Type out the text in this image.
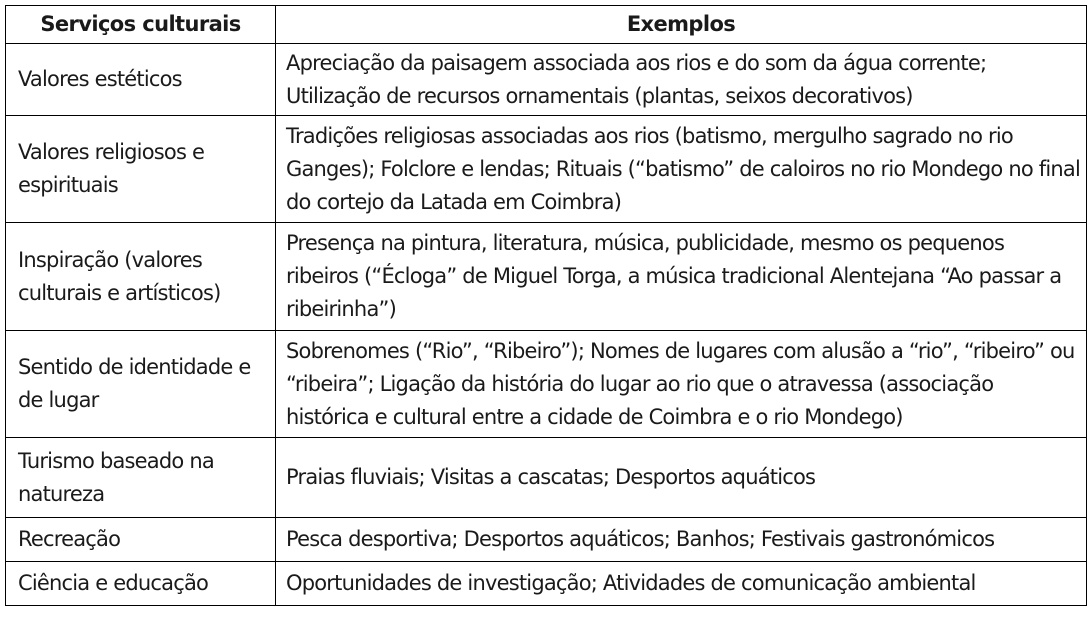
Serviços culturais	Exemplos
Valores estéticos	Apreciação da paisagem associada aos rios e do som da água corrente; Utilização de recursos ornamentais (plantas, seixos decorativos)
Valores religiosos e espirituais	Tradições religiosas associadas aos rios (batismo, mergulho sagrado no rio Ganges); Folclore e lendas; Rituais (“batismo” de caloiros no rio Mondego no final do cortejo da Latada em Coimbra)
Inspiração (valores culturais e artísticos)	Presença na pintura, literatura, música, publicidade, mesmo os pequenos ribeiros (“Écloga” de Miguel Torga, a música tradicional Alentejana “Ao passar a ribeirinha”)
Sentido de identidade e de lugar	Sobrenomes (“Rio”, “Ribeiro”); Nomes de lugares com alusão a “rio”, “ribeiro” ou “ribeira”; Ligação da história do lugar ao rio que o atravessa (associação histórica e cultural entre a cidade de Coimbra e o rio Mondego)
Turismo baseado na natureza	Praias fluviais; Visitas a cascatas; Desportos aquáticos
Recreação	Pesca desportiva; Desportos aquáticos; Banhos; Festivais gastronómicos
Ciência e educação	Oportunidades de investigação; Atividades de comunicação ambiental
